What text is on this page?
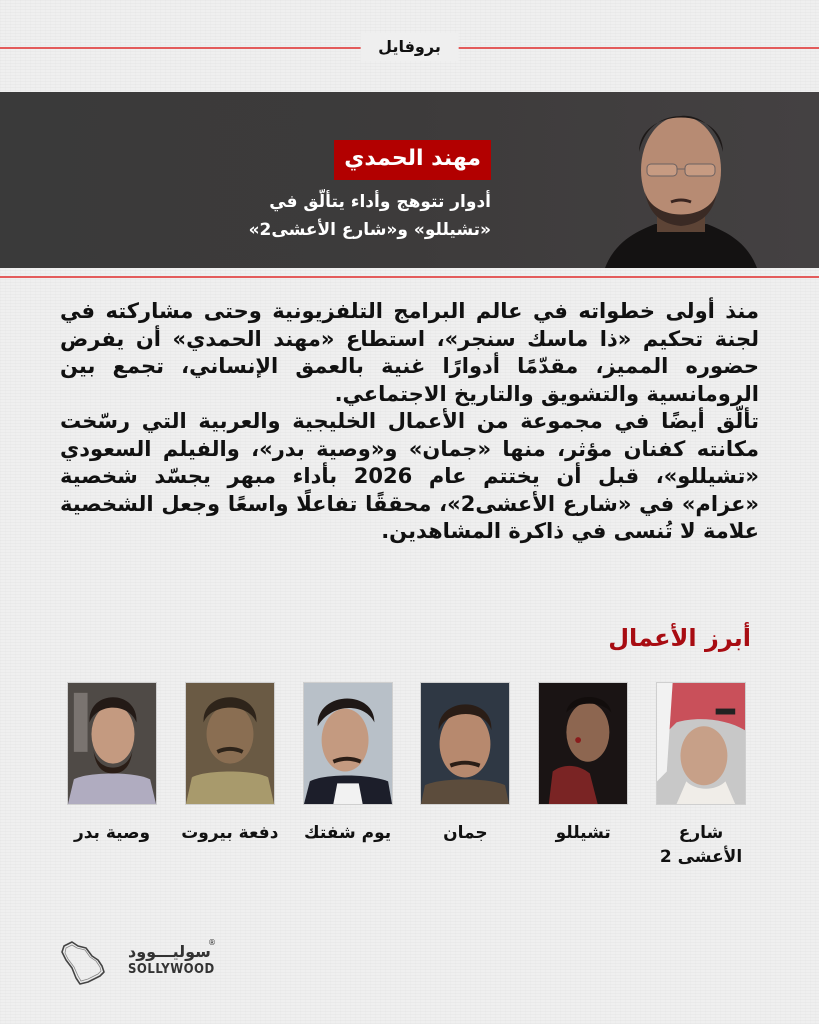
بروفايل
مهند الحمدي
أدوار تتوهج وأداء يتألّق في «تشيللو» و«شارع الأعشى2»

منذ أولى خطواته في عالم البرامج التلفزيونية وحتى مشاركته في لجنة تحكيم «ذا ماسك سنجر»، استطاع «مهند الحمدي» أن يفرض حضوره المميز، مقدّمًا أدوارًا غنية بالعمق الإنساني، تجمع بين الرومانسية والتشويق والتاريخ الاجتماعي.

تألّق أيضًا في مجموعة من الأعمال الخليجية والعربية التي رسّخت مكانته كفنان مؤثر، منها «جمان» و«وصية بدر»، والفيلم السعودي «تشيللو»، قبل أن يختتم عام 2026 بأداء مبهر يجسّد شخصية «عزام» في «شارع الأعشى2»، محققًا تفاعلًا واسعًا وجعل الشخصية علامة لا تُنسى في ذاكرة المشاهدين.

أبرز الأعمال
شارع الأعشى 2
تشيللو
جمان
يوم شفتك
دفعة بيروت
وصية بدر
سوليـــوود
SOLLYWOOD
®
